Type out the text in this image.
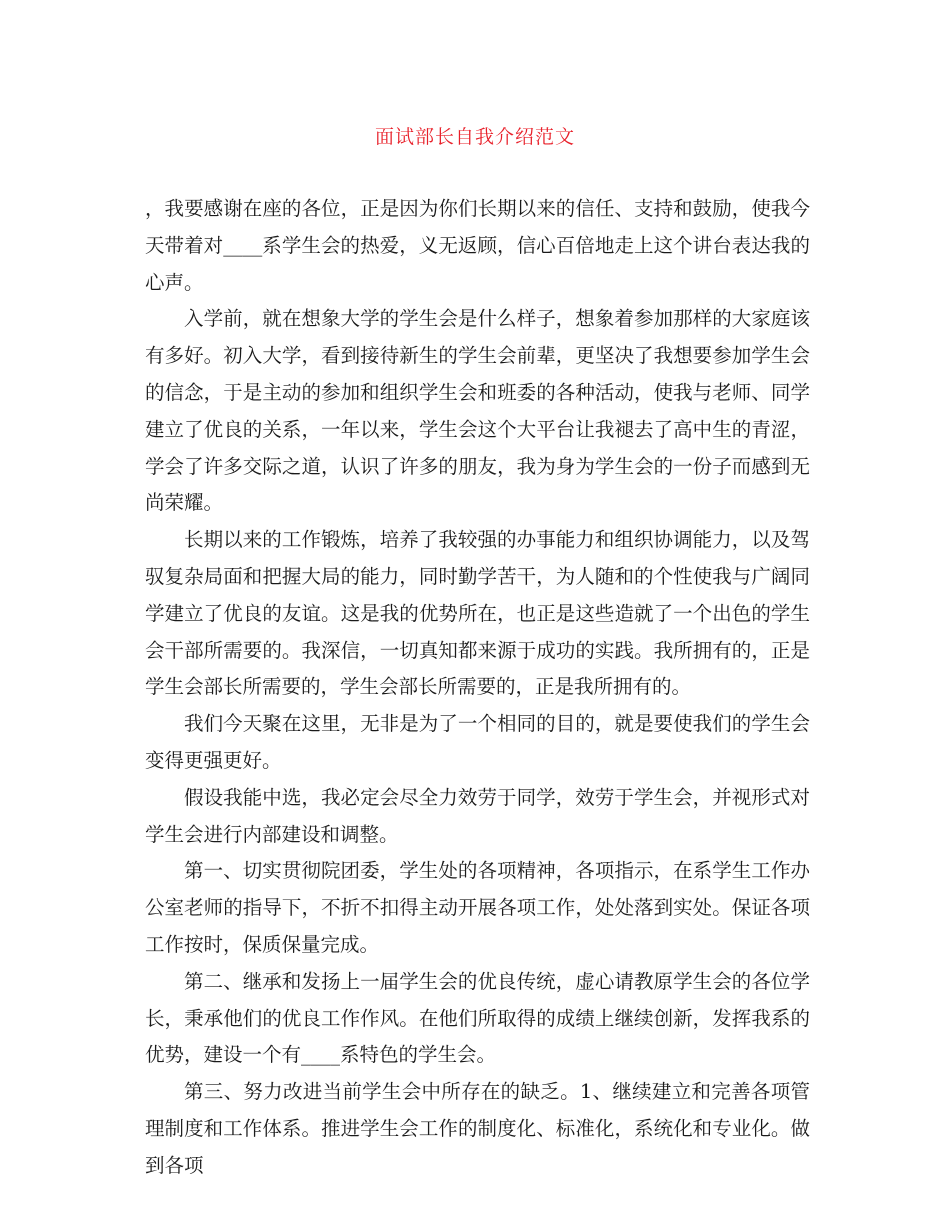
面试部长自我介绍范文

，我要感谢在座的各位，正是因为你们长期以来的信任、支持和鼓励，使我今天带着对____系学生会的热爱，义无返顾，信心百倍地走上这个讲台表达我的心声。

入学前，就在想象大学的学生会是什么样子，想象着参加那样的大家庭该有多好。初入大学，看到接待新生的学生会前辈，更坚决了我想要参加学生会的信念，于是主动的参加和组织学生会和班委的各种活动，使我与老师、同学建立了优良的关系，一年以来，学生会这个大平台让我褪去了高中生的青涩，学会了许多交际之道，认识了许多的朋友，我为身为学生会的一份子而感到无尚荣耀。

长期以来的工作锻炼，培养了我较强的办事能力和组织协调能力，以及驾驭复杂局面和把握大局的能力，同时勤学苦干，为人随和的个性使我与广阔同学建立了优良的友谊。这是我的优势所在，也正是这些造就了一个出色的学生会干部所需要的。我深信，一切真知都来源于成功的实践。我所拥有的，正是学生会部长所需要的，学生会部长所需要的，正是我所拥有的。

我们今天聚在这里，无非是为了一个相同的目的，就是要使我们的学生会变得更强更好。

假设我能中选，我必定会尽全力效劳于同学，效劳于学生会，并视形式对学生会进行内部建设和调整。

第一、切实贯彻院团委，学生处的各项精神，各项指示，在系学生工作办公室老师的指导下，不折不扣得主动开展各项工作，处处落到实处。保证各项工作按时，保质保量完成。

第二、继承和发扬上一届学生会的优良传统，虚心请教原学生会的各位学长，秉承他们的优良工作作风。在他们所取得的成绩上继续创新，发挥我系的优势，建设一个有____系特色的学生会。

第三、努力改进当前学生会中所存在的缺乏。1、继续建立和完善各项管理制度和工作体系。推进学生会工作的制度化、标准化，系统化和专业化。做到各项
